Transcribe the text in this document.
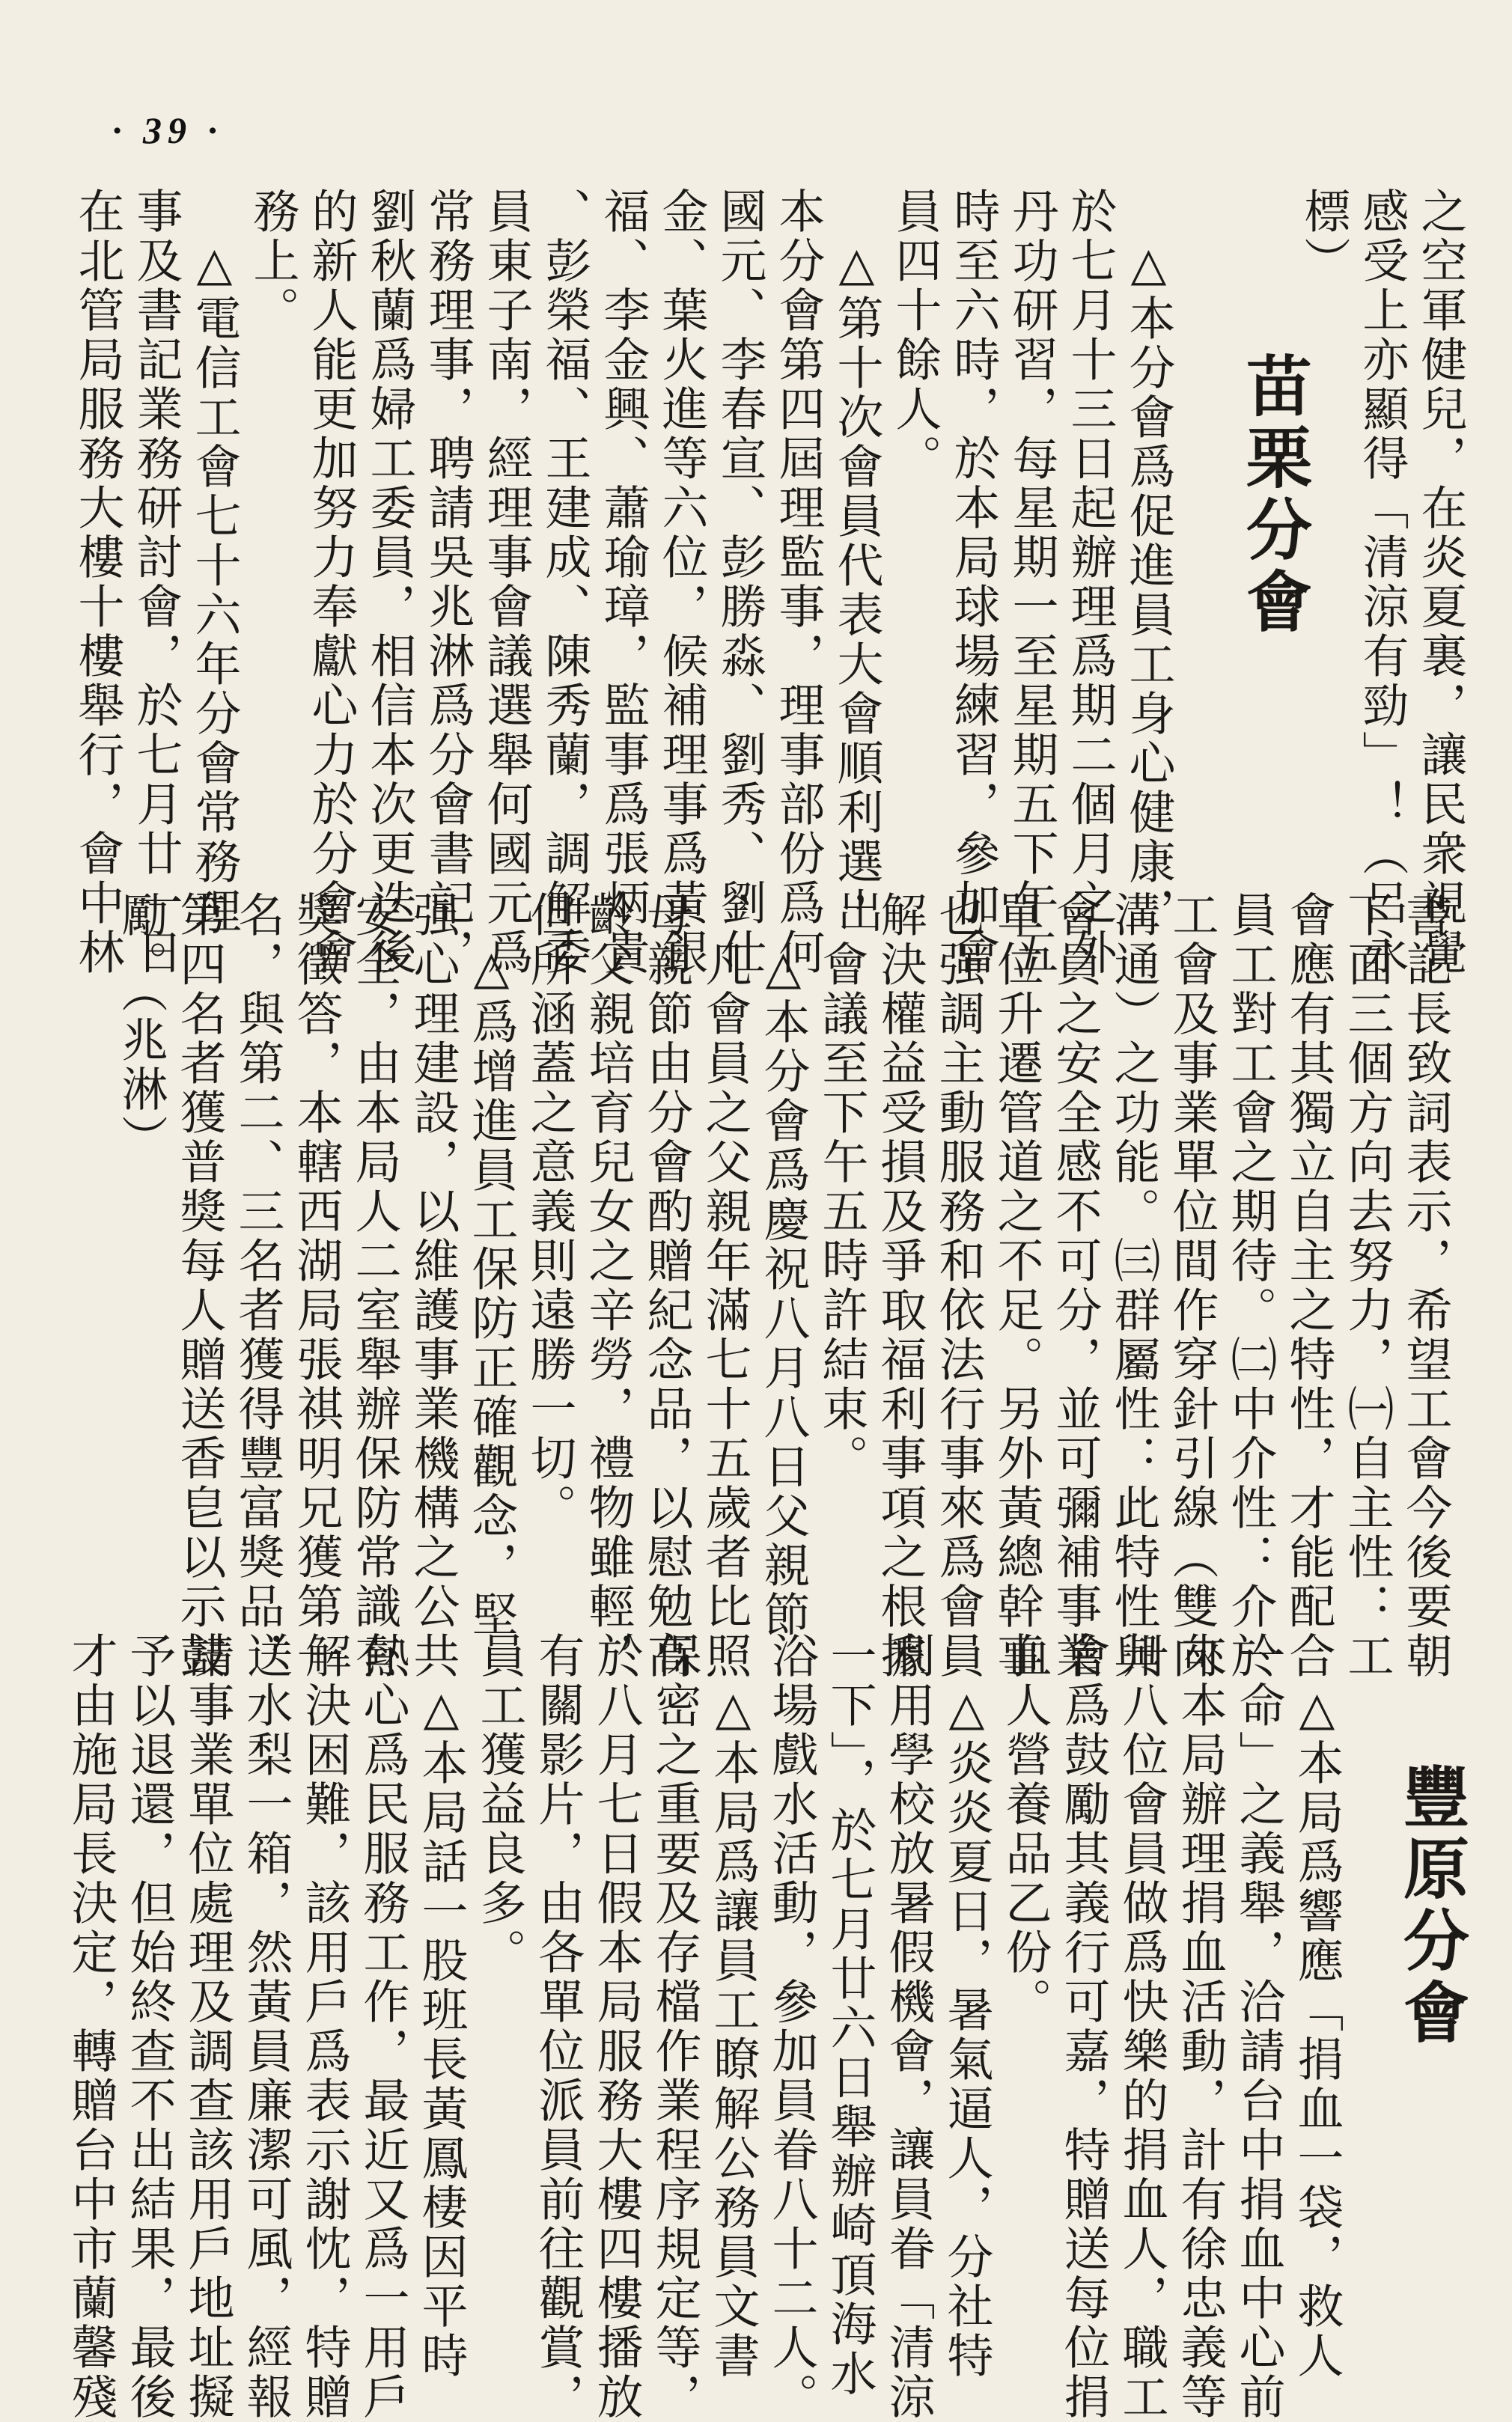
· 39 ·
之空軍健兒，在炎夏裏，讓民衆視覺
感受上亦顯得「清涼有勁」！（呂永
標）
苗栗分會
　△本分會爲促進員工身心健康，
於七月十三日起辦理爲期二個月之外
丹功研習，每星期一至星期五下午五
時至六時，於本局球場練習，參加會
員四十餘人。
　△第十次會員代表大會順利選出
本分會第四屆理監事，理事部份爲何
國元、李春宣、彭勝淼、劉秀、劉仕
金、葉火進等六位，候補理事爲黃銀
福、李金興、蕭瑜璋，監事爲張炳貴
、彭榮福、王建成、陳秀蘭，調解委
員東子南，經理事會議選舉何國元爲
常務理事，聘請吳兆淋爲分會書記，
劉秋蘭爲婦工委員，相信本次更迭後
的新人能更加努力奉獻心力於分會會
務上。
　△電信工會七十六年分會常務理
事及書記業務研討會，於七月廿一日
在北管局服務大樓十樓舉行，會中林
書記長致詞表示，希望工會今後要朝
下面三個方向去努力，㈠自主性：工
會應有其獨立自主之特性，才能配合
員工對工會之期待。㈡中介性：介於
工會及事業單位間作穿針引線（雙向
溝通）之功能。㈢群屬性：此特性與
會員之安全感不可分，並可彌補事業
單位升遷管道之不足。另外黃總幹事
也强調主動服務和依法行事來爲會員
解決權益受損及爭取福利事項之根據
，會議至下午五時許結束。
　△本分會爲慶祝八月八日父親節
，凡會員之父親年滿七十五歲者比照
母親節由分會酌贈紀念品，以慰勉高
齡父親培育兒女之辛勞，禮物雖輕，
但所涵蓋之意義則遠勝一切。
　△爲增進員工保防正確觀念，堅
强心理建設，以維護事業機構之公共
安全，由本局人二室舉辦保防常識有
獎徵答，本轄西湖局張祺明兄獲第一
名，與第二、三名者獲得豐富獎品，
第四名者獲普獎每人贈送香皀以示鼓
勵。（兆淋）
豐原分會
　△本局爲響應「捐血一袋，救人
一命」之義舉，洽請台中捐血中心前
來本局辦理捐血活動，計有徐忠義等
卅八位會員做爲快樂的捐血人，職工
會爲鼓勵其義行可嘉，特贈送每位捐
血人營養品乙份。
　△炎炎夏日，暑氣逼人，分社特
利用學校放暑假機會，讓員眷「清涼
一下」，於七月廿六日舉辦崎頂海水
浴場戲水活動，參加員眷八十二人。
　△本局爲讓員工瞭解公務員文書
保密之重要及存檔作業程序規定等，
於八月七日假本局服務大樓四樓播放
有關影片，由各單位派員前往觀賞，
員工獲益良多。
　△本局話一股班長黃鳳棲因平時
熱心爲民服務工作，最近又爲一用戶
解決困難，該用戶爲表示謝忱，特贈
送水梨一箱，然黃員廉潔可風，經報
請事業單位處理及調查該用戶地址擬
予以退還，但始終查不出結果，最後
才由施局長決定，轉贈台中市蘭馨殘
